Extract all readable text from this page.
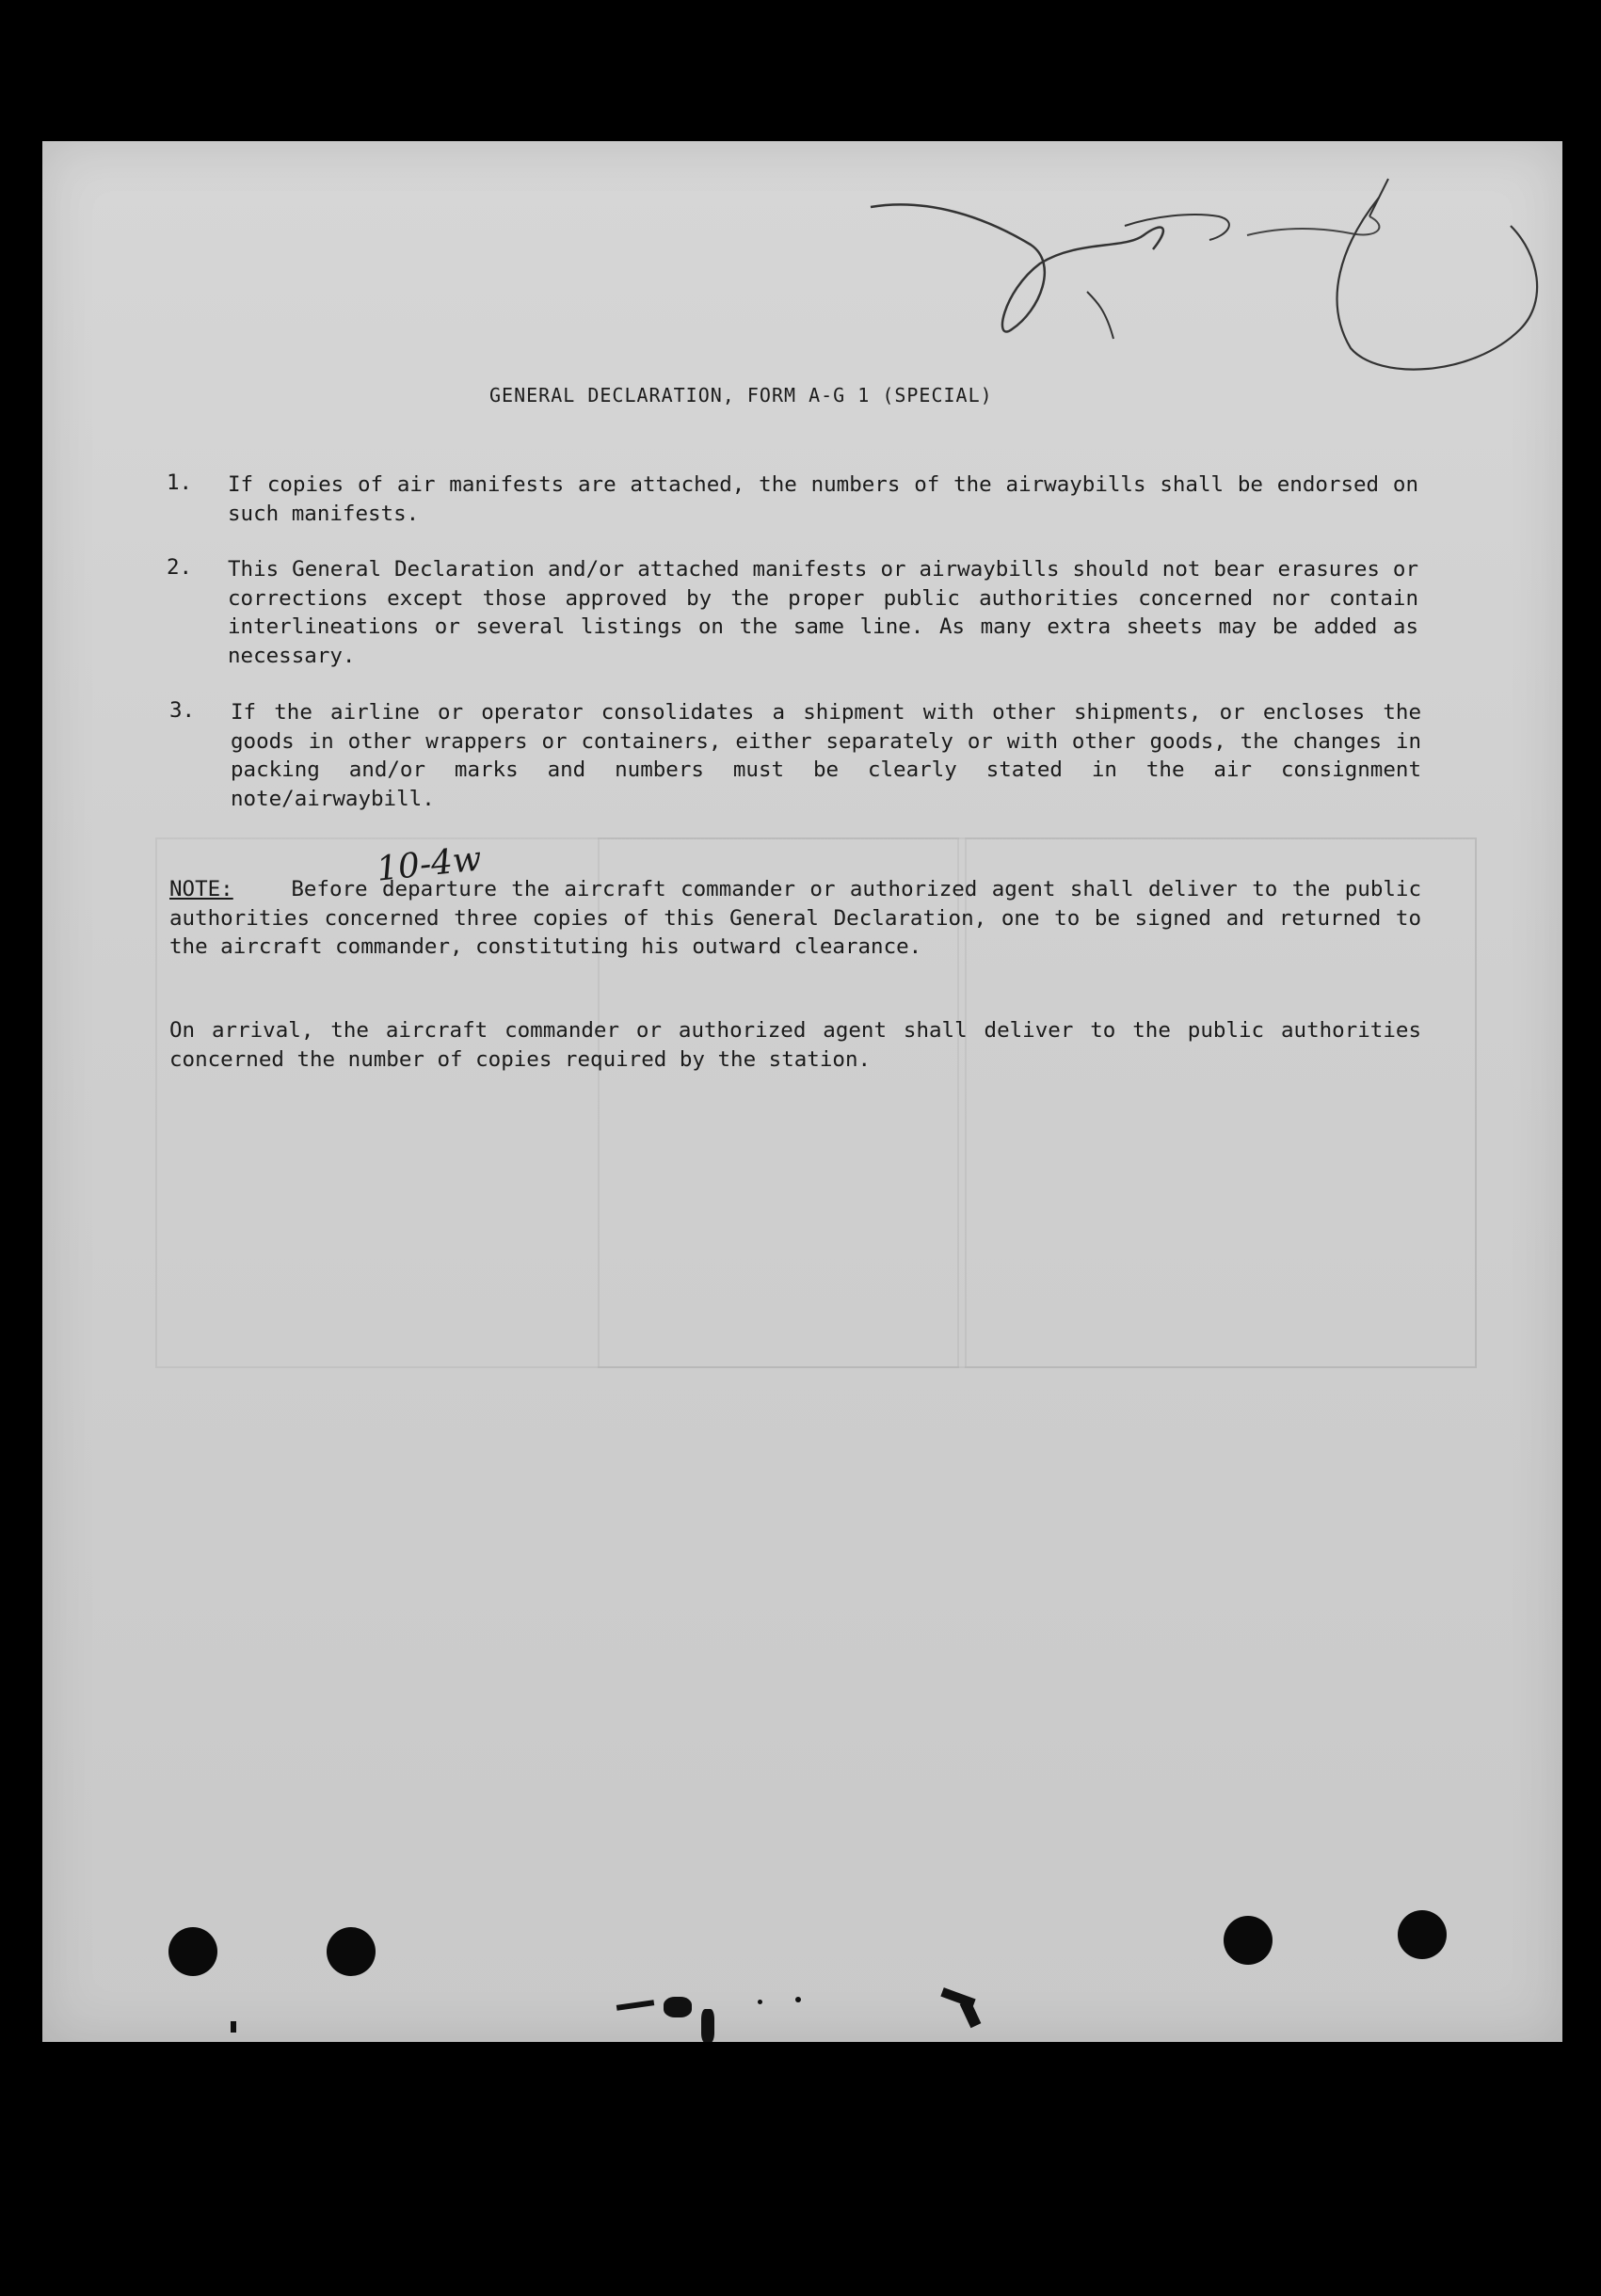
GENERAL DECLARATION, FORM A-G 1 (SPECIAL)
1. If copies of air manifests are attached, the numbers of the airwaybills shall be endorsed on such manifests.
2. This General Declaration and/or attached manifests or airwaybills should not bear erasures or corrections except those approved by the proper public authorities concerned nor contain interlineations or several listings on the same line. As many extra sheets may be added as necessary.
3. If the airline or operator consolidates a shipment with other shipments, or encloses the goods in other wrappers or containers, either separately or with other goods, the changes in packing and/or marks and numbers must be clearly stated in the air consignment note/airwaybill.
NOTE:	Before departure the aircraft commander or authorized agent shall deliver to the public authorities concerned three copies of this General Declaration, one to be signed and returned to the aircraft commander, constituting his outward clearance.
10-4w
On arrival, the aircraft commander or authorized agent shall deliver to the public authorities concerned the number of copies required by the station.
